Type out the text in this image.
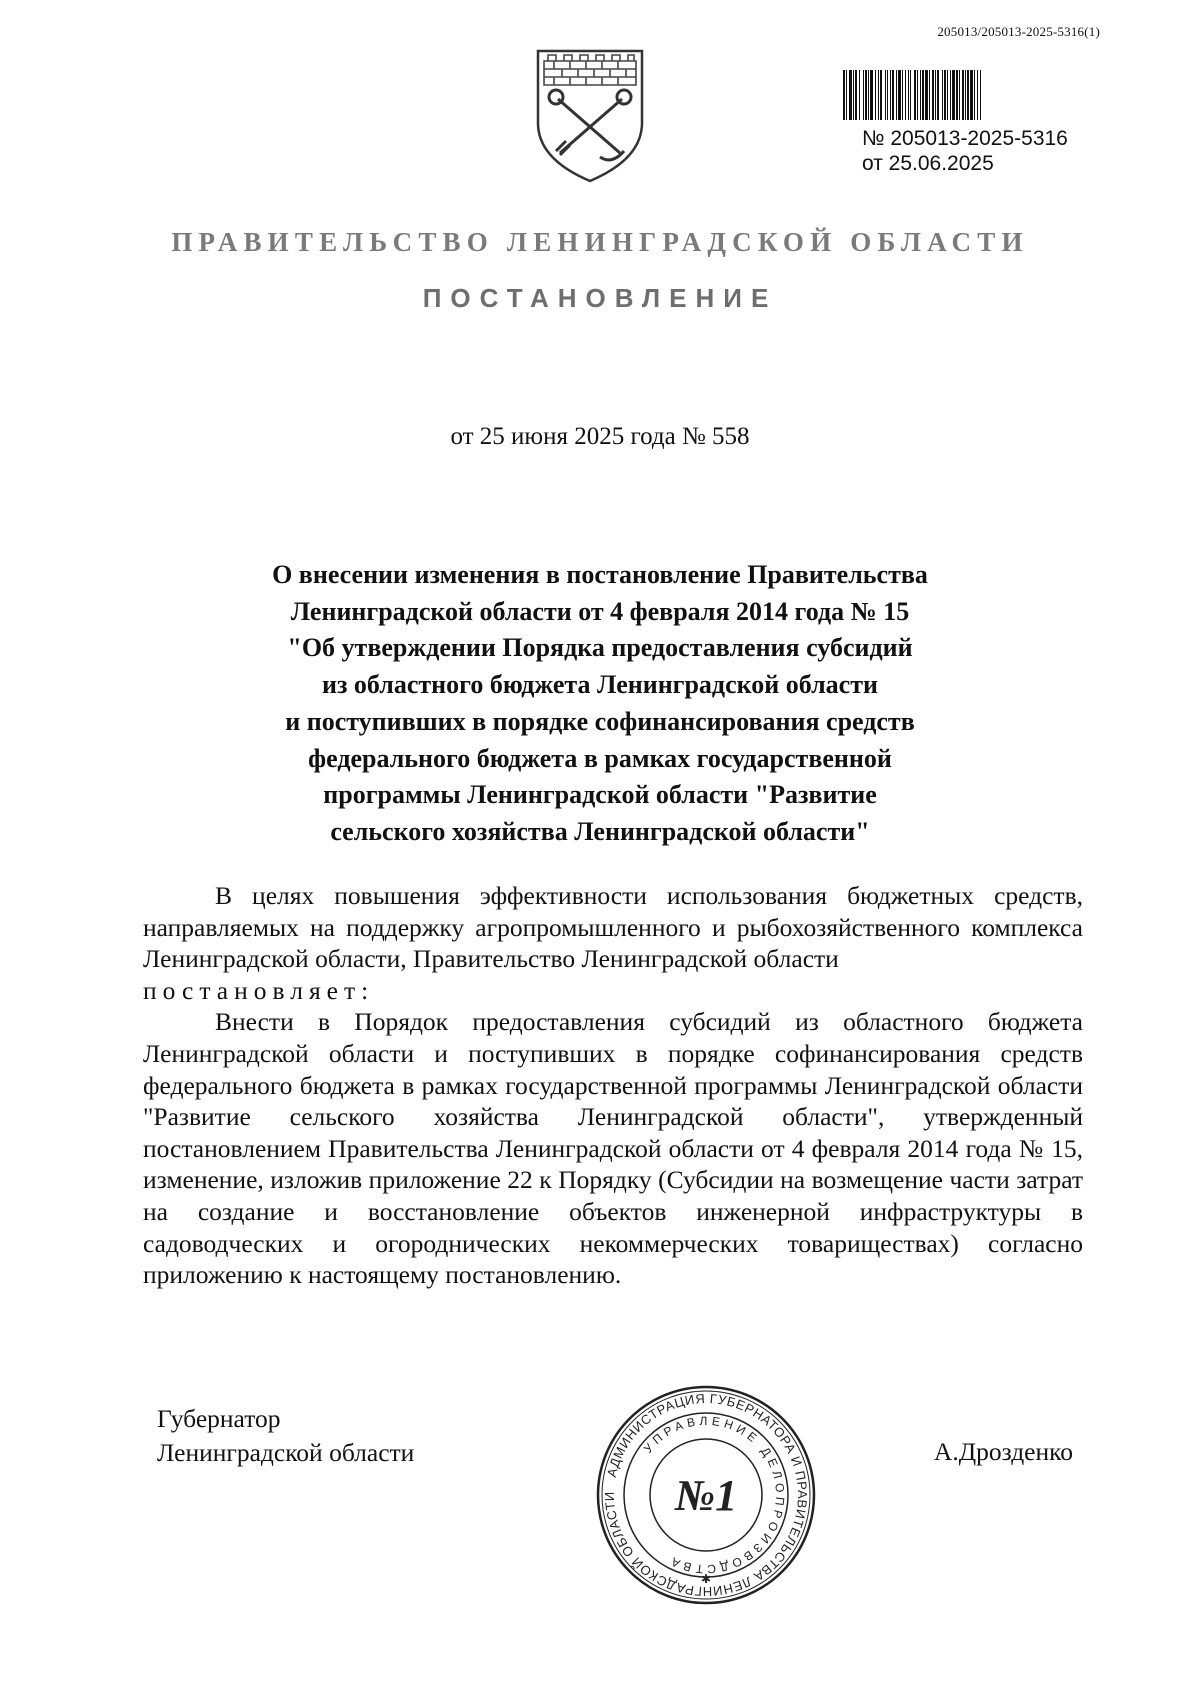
205013/205013-2025-5316(1)
№ 205013-2025-5316
от 25.06.2025
ПРАВИТЕЛЬСТВО ЛЕНИНГРАДСКОЙ ОБЛАСТИ
ПОСТАНОВЛЕНИЕ
от 25 июня 2025 года № 558
О внесении изменения в постановление Правительства
Ленинградской области от 4 февраля 2014 года № 15
"Об утверждении Порядка предоставления субсидий
из областного бюджета Ленинградской области
и поступивших в порядке софинансирования средств
федерального бюджета в рамках государственной
программы Ленинградской области "Развитие
сельского хозяйства Ленинградской области"

В целях повышения эффективности использования бюджетных средств, направляемых на поддержку агропромышленного и рыбохозяйственного комплекса Ленинградской области, Правительство Ленинградской области

постановляет:

Внести в Порядок предоставления субсидий из областного бюджета Ленинградской области и поступивших в порядке софинансирования средств федерального бюджета в рамках государственной программы Ленинградской области "Развитие сельского хозяйства Ленинградской области", утвержденный постановлением Правительства Ленинградской области от 4 февраля 2014 года № 15, изменение, изложив приложение 22 к Порядку (Субсидии на возмещение части затрат на создание и восстановление объектов инженерной инфраструктуры в садоводческих и огороднических некоммерческих товариществах) согласно приложению к настоящему постановлению.

Губернатор
Ленинградской области	А.Дрозденко
АДМИНИСТРАЦИЯ ГУБЕРНАТОРА И ПРАВИТЕЛЬСТВА ЛЕНИНГРАДСКОЙ ОБЛАСТИ
УПРАВЛЕНИЕ ДЕЛОПРОИЗВОДСТВА
№1
✱
